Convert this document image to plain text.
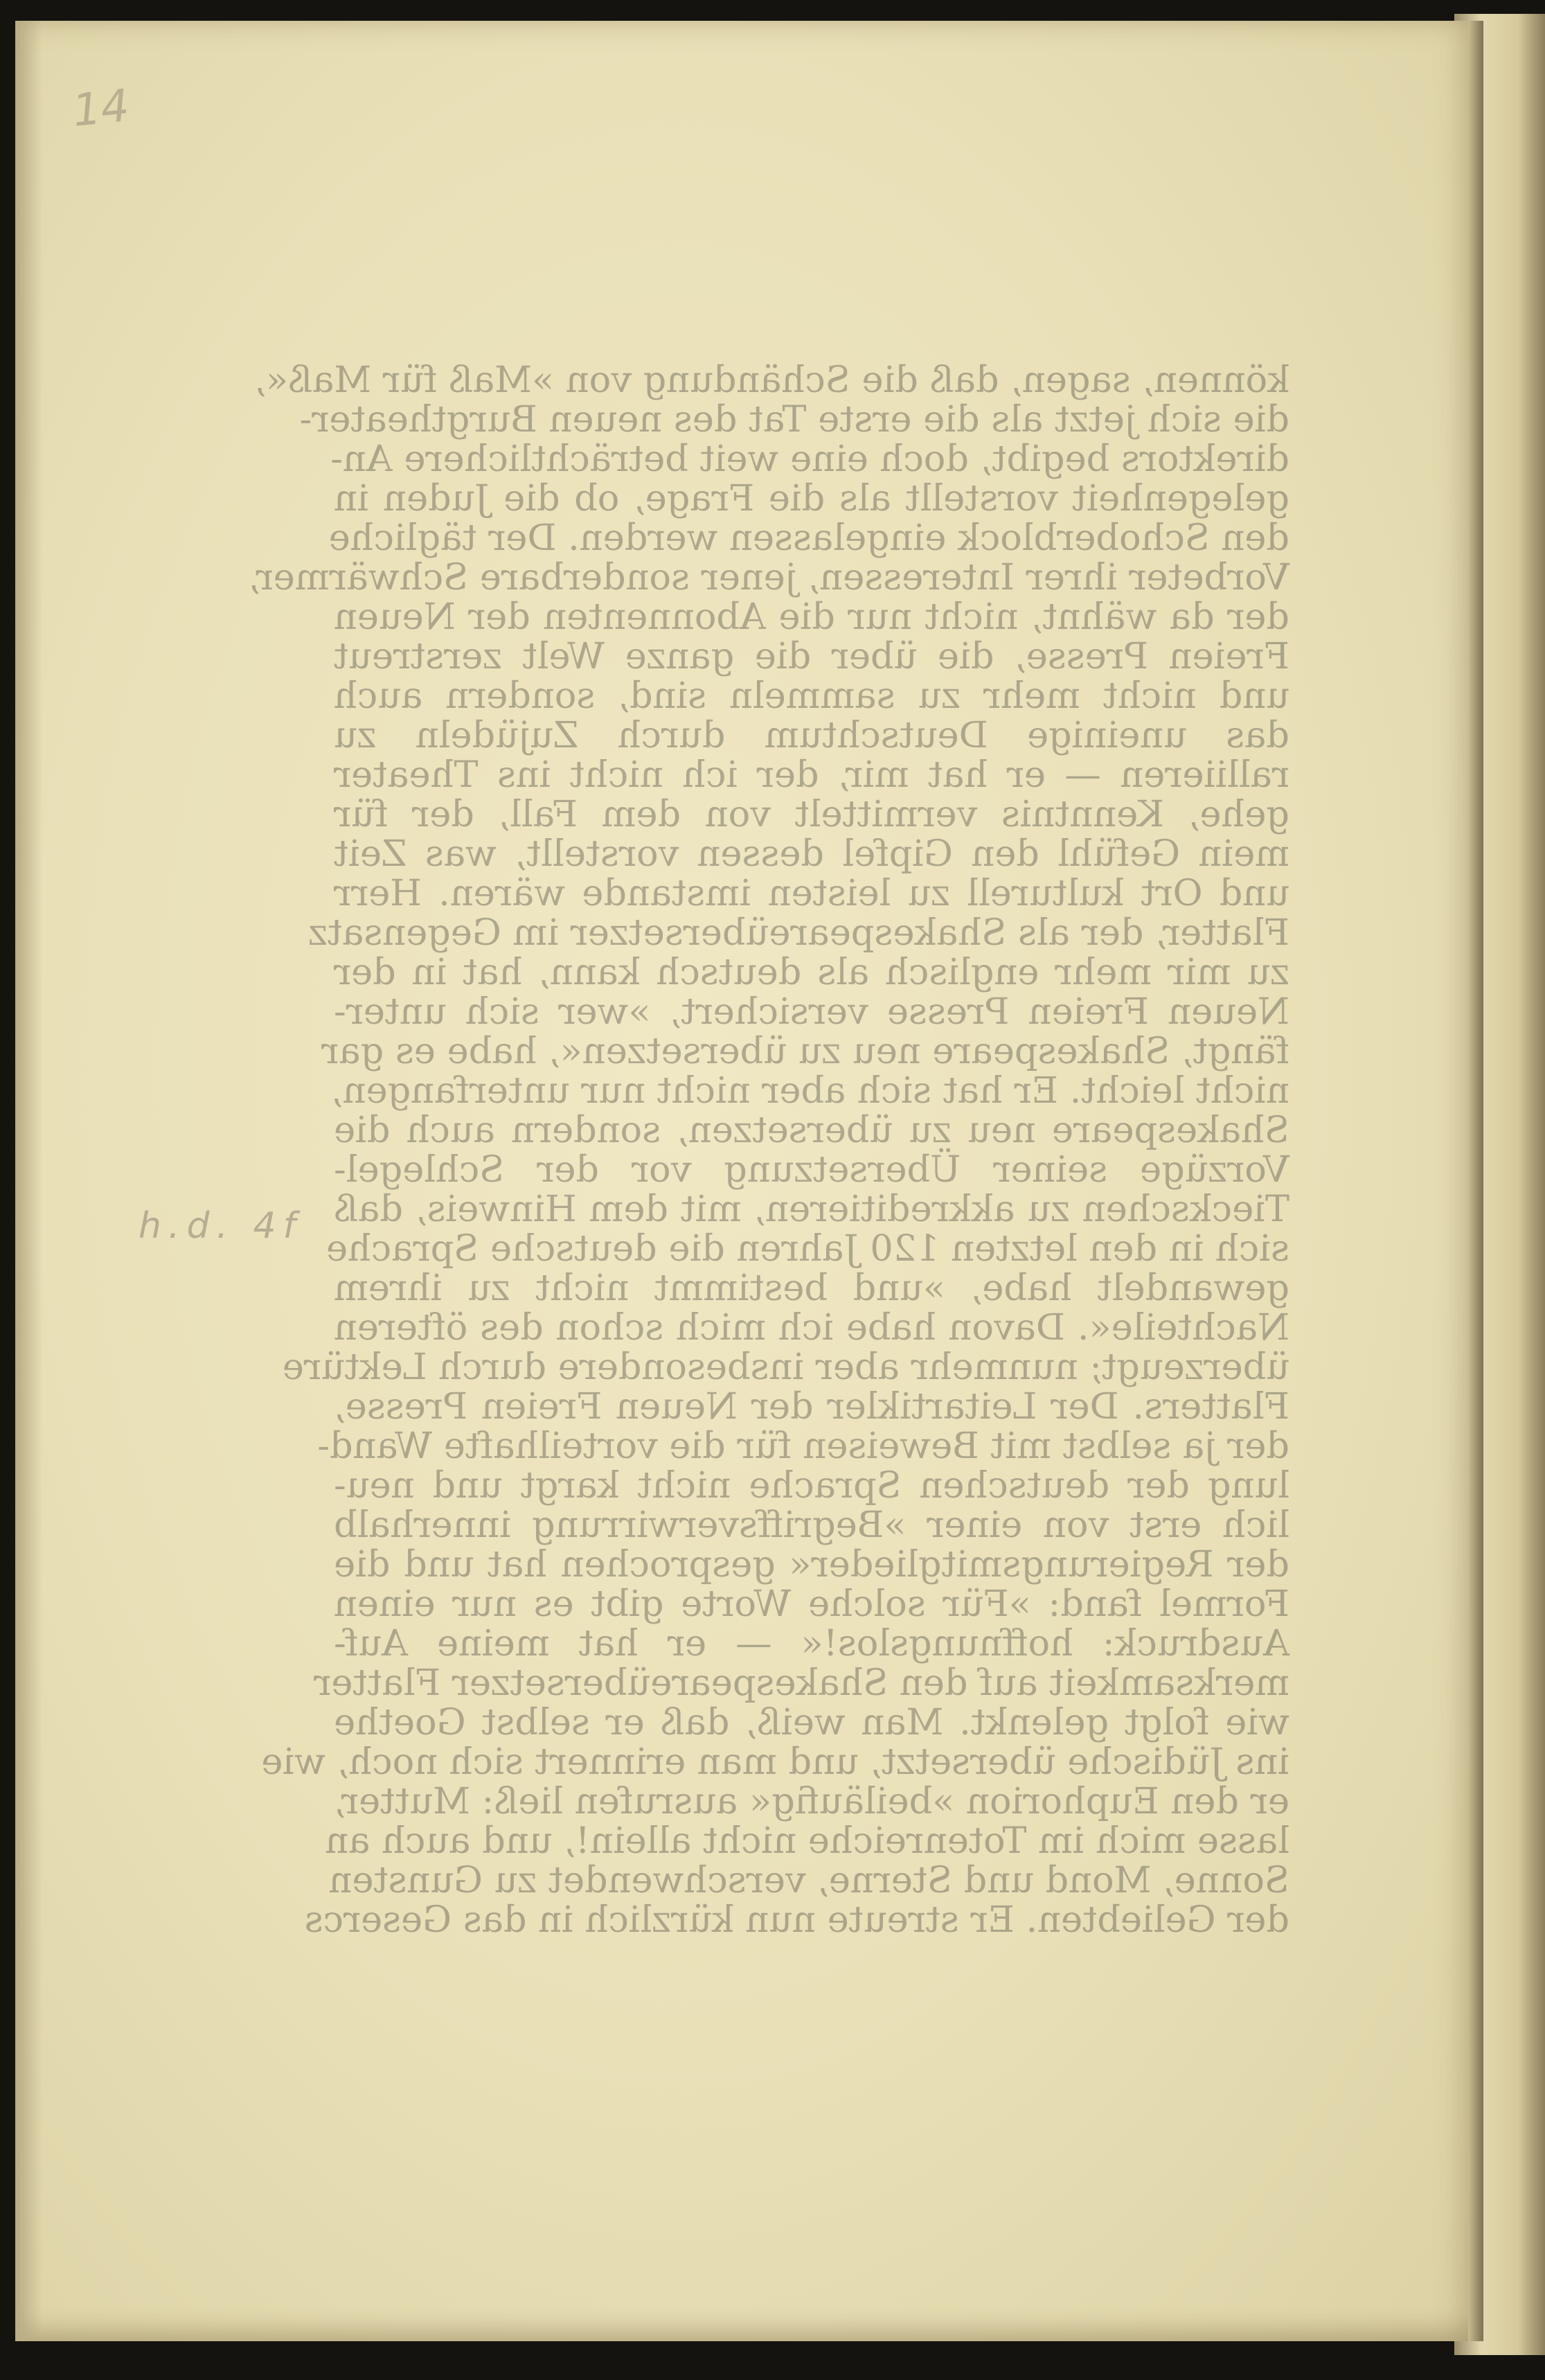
14
h.d. 4f
können, sagen, daß die Schändung von »Maß für Maß«,
die sich jetzt als die erste Tat des neuen Burgtheater-
direktors begibt, doch eine weit beträchtlichere An-
gelegenheit vorstellt als die Frage, ob die Juden in
den Schoberblock eingelassen werden. Der tägliche
Vorbeter ihrer Interessen, jener sonderbare Schwärmer,
der da wähnt, nicht nur die Abonnenten der Neuen
Freien Presse, die über die ganze Welt zerstreut
und nicht mehr zu sammeln sind, sondern auch
das uneinige Deutschtum durch Zujüdeln zu
ralliieren — er hat mir, der ich nicht ins Theater
gehe, Kenntnis vermittelt von dem Fall, der für
mein Gefühl den Gipfel dessen vorstellt, was Zeit
und Ort kulturell zu leisten imstande wären. Herr
Flatter, der als Shakespeareübersetzer im Gegensatz
zu mir mehr englisch als deutsch kann, hat in der
Neuen Freien Presse versichert, »wer sich unter-
fängt, Shakespeare neu zu übersetzen«, habe es gar
nicht leicht. Er hat sich aber nicht nur unterfangen,
Shakespeare neu zu übersetzen, sondern auch die
Vorzüge seiner Übersetzung vor der Schlegel-
Tieckschen zu akkreditieren, mit dem Hinweis, daß
sich in den letzten 120 Jahren die deutsche Sprache
gewandelt habe, »und bestimmt nicht zu ihrem
Nachteile«. Davon habe ich mich schon des öfteren
überzeugt; nunmehr aber insbesondere durch Lektüre
Flatters. Der Leitartikler der Neuen Freien Presse,
der ja selbst mit Beweisen für die vorteilhafte Wand-
lung der deutschen Sprache nicht kargt und neu-
lich erst von einer »Begriffsverwirrung innerhalb
der Regierungsmitglieder« gesprochen hat und die
Formel fand: »Für solche Worte gibt es nur einen
Ausdruck: hoffnungslos!« — er hat meine Auf-
merksamkeit auf den Shakespeareübersetzer Flatter
wie folgt gelenkt. Man weiß, daß er selbst Goethe
ins Jüdische übersetzt, und man erinnert sich noch, wie
er den Euphorion »beiläufig« ausrufen ließ: Mutter,
lasse mich im Totenreiche nicht allein!, und auch an
Sonne, Mond und Sterne, verschwendet zu Gunsten
der Geliebten. Er streute nun kürzlich in das Gesercs
